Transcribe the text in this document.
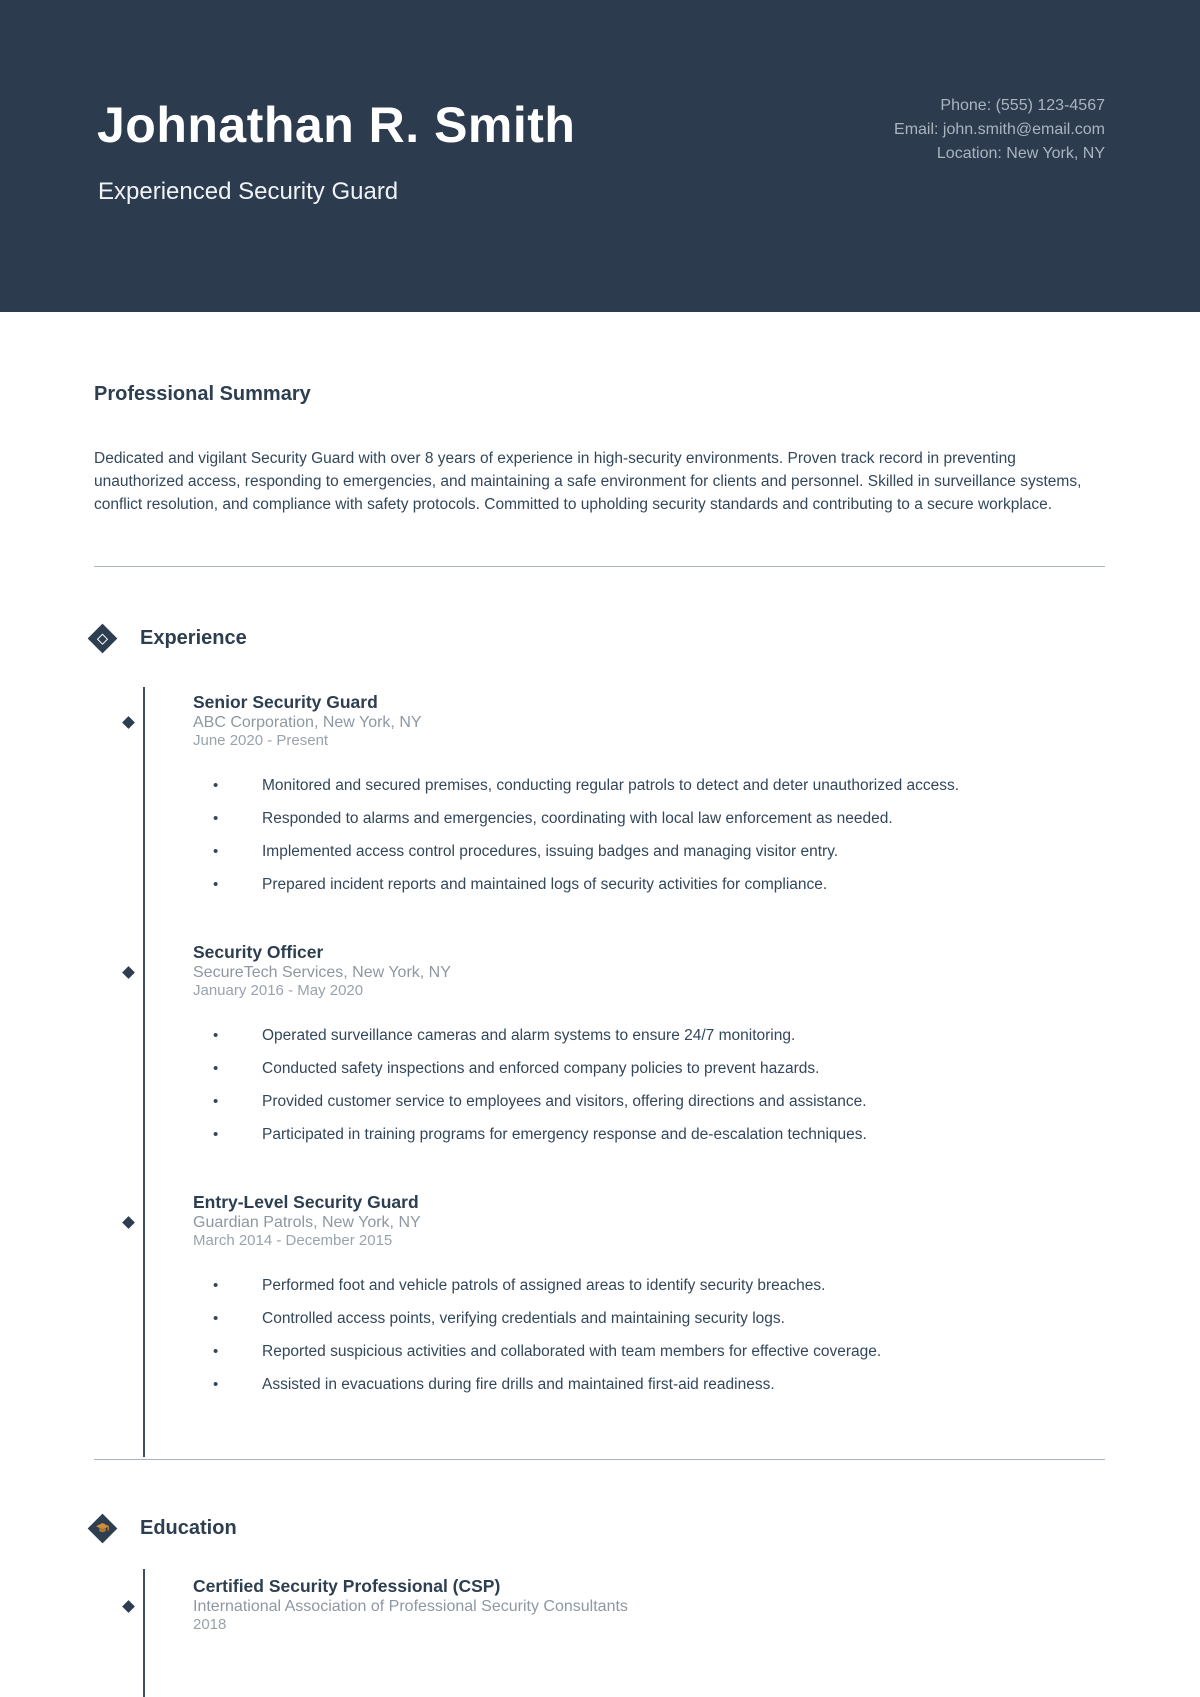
Johnathan R. Smith
Experienced Security Guard
Phone: (555) 123-4567
Email: john.smith@email.com
Location: New York, NY
Professional Summary

Dedicated and vigilant Security Guard with over 8 years of experience in high-security environments. Proven track record in preventing unauthorized access, responding to emergencies, and maintaining a safe environment for clients and personnel. Skilled in surveillance systems, conflict resolution, and compliance with safety protocols. Committed to upholding security standards and contributing to a secure workplace.

Experience
Senior Security Guard
ABC Corporation, New York, NY
June 2020 - Present
• Monitored and secured premises, conducting regular patrols to detect and deter unauthorized access.
• Responded to alarms and emergencies, coordinating with local law enforcement as needed.
• Implemented access control procedures, issuing badges and managing visitor entry.
• Prepared incident reports and maintained logs of security activities for compliance.
Security Officer
SecureTech Services, New York, NY
January 2016 - May 2020
• Operated surveillance cameras and alarm systems to ensure 24/7 monitoring.
• Conducted safety inspections and enforced company policies to prevent hazards.
• Provided customer service to employees and visitors, offering directions and assistance.
• Participated in training programs for emergency response and de-escalation techniques.
Entry-Level Security Guard
Guardian Patrols, New York, NY
March 2014 - December 2015
• Performed foot and vehicle patrols of assigned areas to identify security breaches.
• Controlled access points, verifying credentials and maintaining security logs.
• Reported suspicious activities and collaborated with team members for effective coverage.
• Assisted in evacuations during fire drills and maintained first-aid readiness.
Education
Certified Security Professional (CSP)
International Association of Professional Security Consultants
2018
